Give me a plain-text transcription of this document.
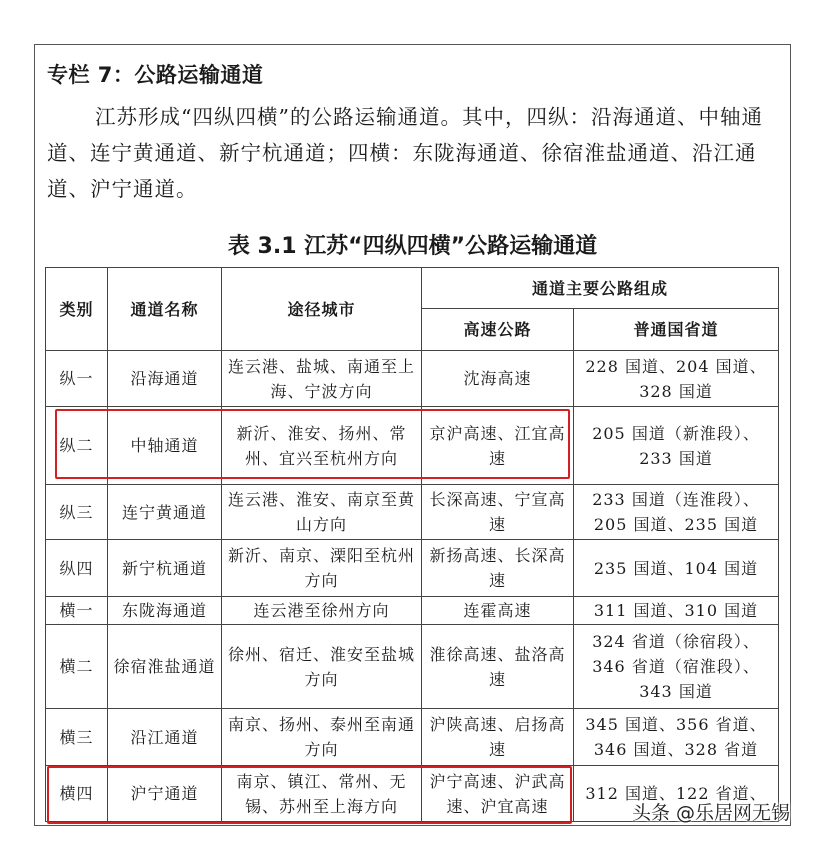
专栏 7：公路运输通道
江苏形成“四纵四横”的公路运输通道。其中，四纵：沿海通道、中轴通道、连宁黄通道、新宁杭通道；四横：东陇海通道、徐宿淮盐通道、沿江通道、沪宁通道。
表 3.1 江苏“四纵四横”公路运输通道
类别	通道名称	途径城市	通道主要公路组成	
			高速公路	普通国省道
纵一	沿海通道	连云港、盐城、南通至上海、宁波方向	沈海高速	228 国道、204 国道、328 国道
纵二	中轴通道	新沂、淮安、扬州、常州、宜兴至杭州方向	京沪高速、江宜高速	205 国道（新淮段）、233 国道
纵三	连宁黄通道	连云港、淮安、南京至黄山方向	长深高速、宁宣高速	233 国道（连淮段）、205 国道、235 国道
纵四	新宁杭通道	新沂、南京、溧阳至杭州方向	新扬高速、长深高速	235 国道、104 国道
横一	东陇海通道	连云港至徐州方向	连霍高速	311 国道、310 国道
横二	徐宿淮盐通道	徐州、宿迁、淮安至盐城方向	淮徐高速、盐洛高速	324 省道（徐宿段）、346 省道（宿淮段）、343 国道
横三	沿江通道	南京、扬州、泰州至南通方向	沪陕高速、启扬高速	345 国道、356 省道、346 国道、328 省道
横四	沪宁通道	南京、镇江、常州、无锡、苏州至上海方向	沪宁高速、沪武高速、沪宜高速	312 国道、122 省道、
头条 @乐居网无锡
